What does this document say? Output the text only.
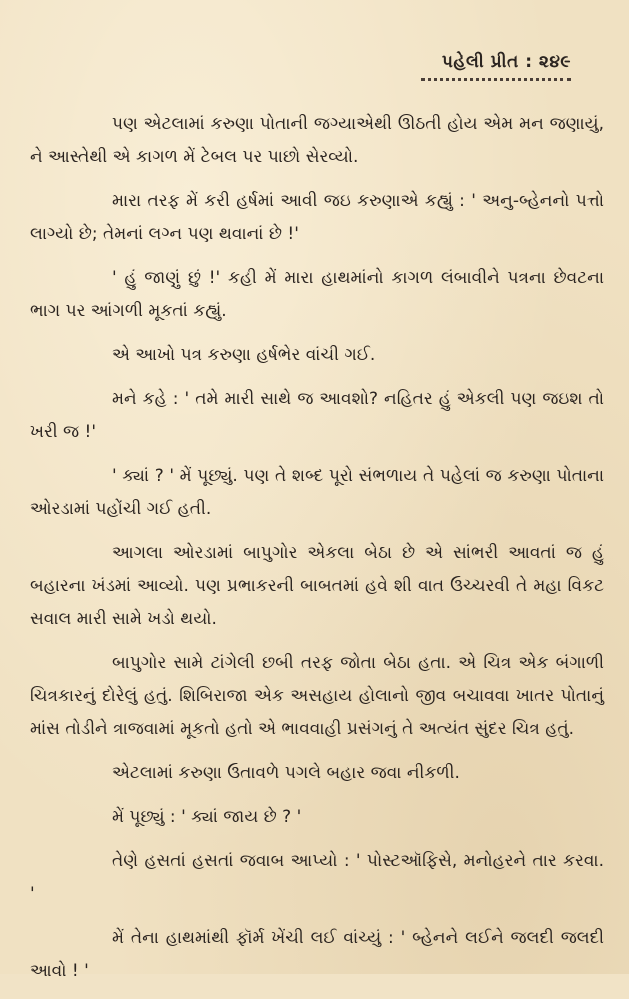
પહેલી પ્રીત : ૨૪૯

પણ એટલામાં કરુણા પોતાની જગ્યાએથી ઊઠતી હોય એમ મન જણાયું, ને આસ્તેથી એ કાગળ મેં ટેબલ પર પાછો સેરવ્યો.

મારા તરફ મેં કરી હર્ષમાં આવી જઇ કરુણાએ કહ્યું : ' અનુ-બ્હેનનો પત્તો લાગ્યો છે; તેમનાં લગ્ન પણ થવાનાં છે !'

' હું જાણું છું !' કહી મેં મારા હાથમાંનો કાગળ લંબાવીને પત્રના છેવટના ભાગ પર આંગળી મૂકતાં કહ્યું.

એ આખો પત્ર કરુણા હર્ષભેર વાંચી ગઈ.

મને કહે : ' તમે મારી સાથે જ આવશો? નહિતર હું એકલી પણ જઇશ તો ખરી જ !'

' ક્યાં ? ' મેં પૂછ્યું. પણ તે શબ્દ પૂરો સંભળાય તે પહેલાં જ કરુણા પોતાના ઓરડામાં પહોંચી ગઈ હતી.

આગલા ઓરડામાં બાપુગોર એકલા બેઠા છે એ સાંભરી આવતાં જ હું બહારના ખંડમાં આવ્યો. પણ પ્રભાકરની બાબતમાં હવે શી વાત ઉચ્ચરવી તે મહા વિકટ સવાલ મારી સામે ખડો થયો.

બાપુગોર સામે ટાંગેલી છબી તરફ જોતા બેઠા હતા. એ ચિત્ર એક બંગાળી ચિત્રકારનું દોરેલું હતું. શિબિરાજા એક અસહાય હોલાનો જીવ બચાવવા ખાતર પોતાનું માંસ તોડીને ત્રાજવામાં મૂકતો હતો એ ભાવવાહી પ્રસંગનું તે અત્યંત સુંદર ચિત્ર હતું.

એટલામાં કરુણા ઉતાવળે પગલે બહાર જવા નીકળી.

મેં પૂછ્યું : ' ક્યાં જાય છે ? '

તેણે હસતાં હસતાં જવાબ આપ્યો : ' પોસ્ટઑફિસે, મનોહરને તાર કરવા. '

મેં તેના હાથમાંથી ફૉર્મ ખેંચી લઈ વાંચ્યું : ' બ્હેનને લઈને જલદી જલદી આવો ! '
